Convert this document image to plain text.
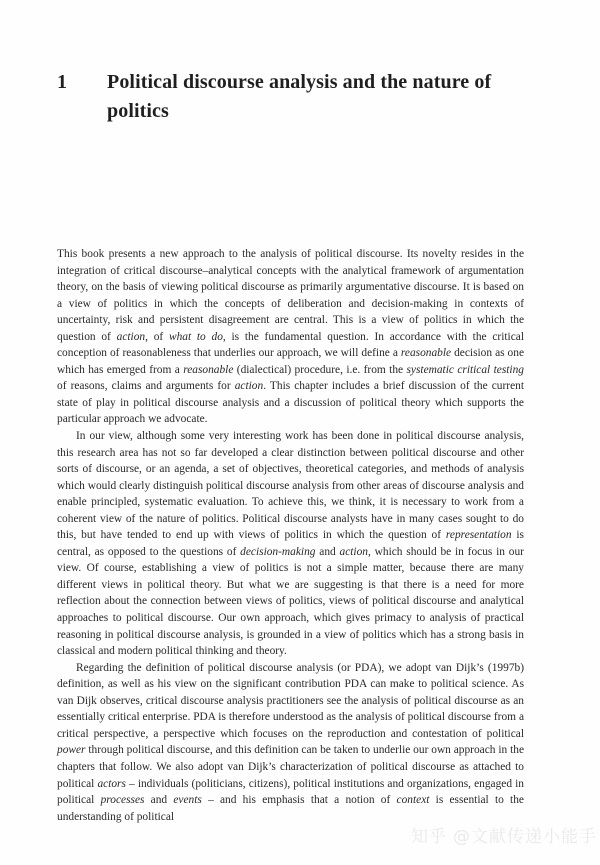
1	Political discourse analysis and the nature of politics

This book presents a new approach to the analysis of political discourse. Its novelty resides in the integration of critical discourse–analytical concepts with the analytical framework of argumentation theory, on the basis of viewing political discourse as primarily argumentative discourse. It is based on a view of politics in which the concepts of deliberation and decision-making in contexts of uncertainty, risk and persistent disagreement are central. This is a view of politics in which the question of action, of what to do, is the fundamental question. In accordance with the critical conception of reasonableness that underlies our approach, we will define a reasonable decision as one which has emerged from a reasonable (dialectical) procedure, i.e. from the systematic critical testing of reasons, claims and arguments for action. This chapter includes a brief discussion of the current state of play in political discourse analysis and a discussion of political theory which supports the particular approach we advocate.

In our view, although some very interesting work has been done in political discourse analysis, this research area has not so far developed a clear distinction between political discourse and other sorts of discourse, or an agenda, a set of objectives, theoretical categories, and methods of analysis which would clearly distinguish political discourse analysis from other areas of discourse analysis and enable principled, systematic evaluation. To achieve this, we think, it is necessary to work from a coherent view of the nature of politics. Political discourse analysts have in many cases sought to do this, but have tended to end up with views of politics in which the question of representation is central, as opposed to the questions of decision-making and action, which should be in focus in our view. Of course, establishing a view of politics is not a simple matter, because there are many different views in political theory. But what we are suggesting is that there is a need for more reflection about the connection between views of politics, views of political discourse and analytical approaches to political discourse. Our own approach, which gives primacy to analysis of practical reasoning in political discourse analysis, is grounded in a view of politics which has a strong basis in classical and modern political thinking and theory.

Regarding the definition of political discourse analysis (or PDA), we adopt van Dijk’s (1997b) definition, as well as his view on the significant contribution PDA can make to political science. As van Dijk observes, critical discourse analysis practitioners see the analysis of political discourse as an essentially critical enterprise. PDA is therefore understood as the analysis of political discourse from a critical perspective, a perspective which focuses on the reproduction and contestation of political power through political discourse, and this definition can be taken to underlie our own approach in the chapters that follow. We also adopt van Dijk’s characterization of political discourse as attached to political actors – individuals (politicians, citizens), political institutions and organizations, engaged in political processes and events – and his emphasis that a notion of context is essential to the understanding of political

知乎 @文献传递小能手
